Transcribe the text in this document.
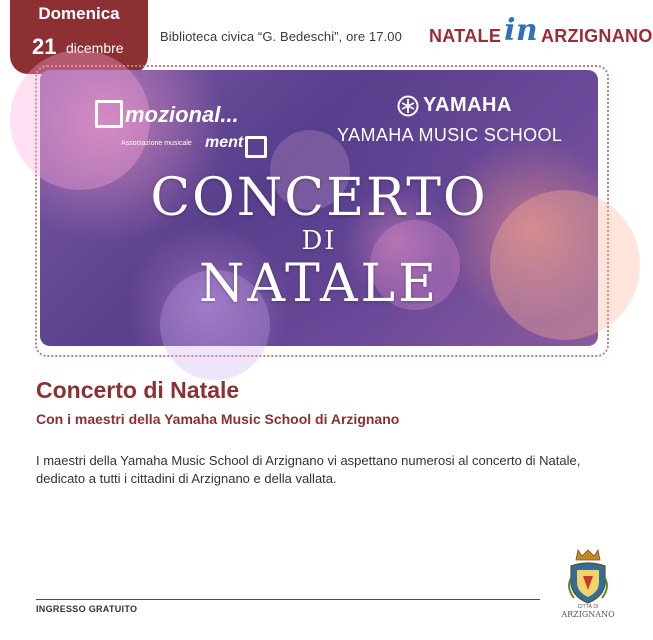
Domenica
21 dicembre
Biblioteca civica “G. Bedeschi”, ore 17.00 NATALE in ARZIGNANO
mozional...
Associazione musicale ment
YAMAHA
YAMAHA MUSIC SCHOOL
CONCERTO
DI
NATALE
Concerto di Natale
Con i maestri della Yamaha Music School di Arzignano
I maestri della Yamaha Music School di Arzignano vi aspettano numerosi al concerto di Natale, dedicato a tutti i cittadini di Arzignano e della vallata.
CITTÀ DI
ARZIGNANO
INGRESSO GRATUITO
